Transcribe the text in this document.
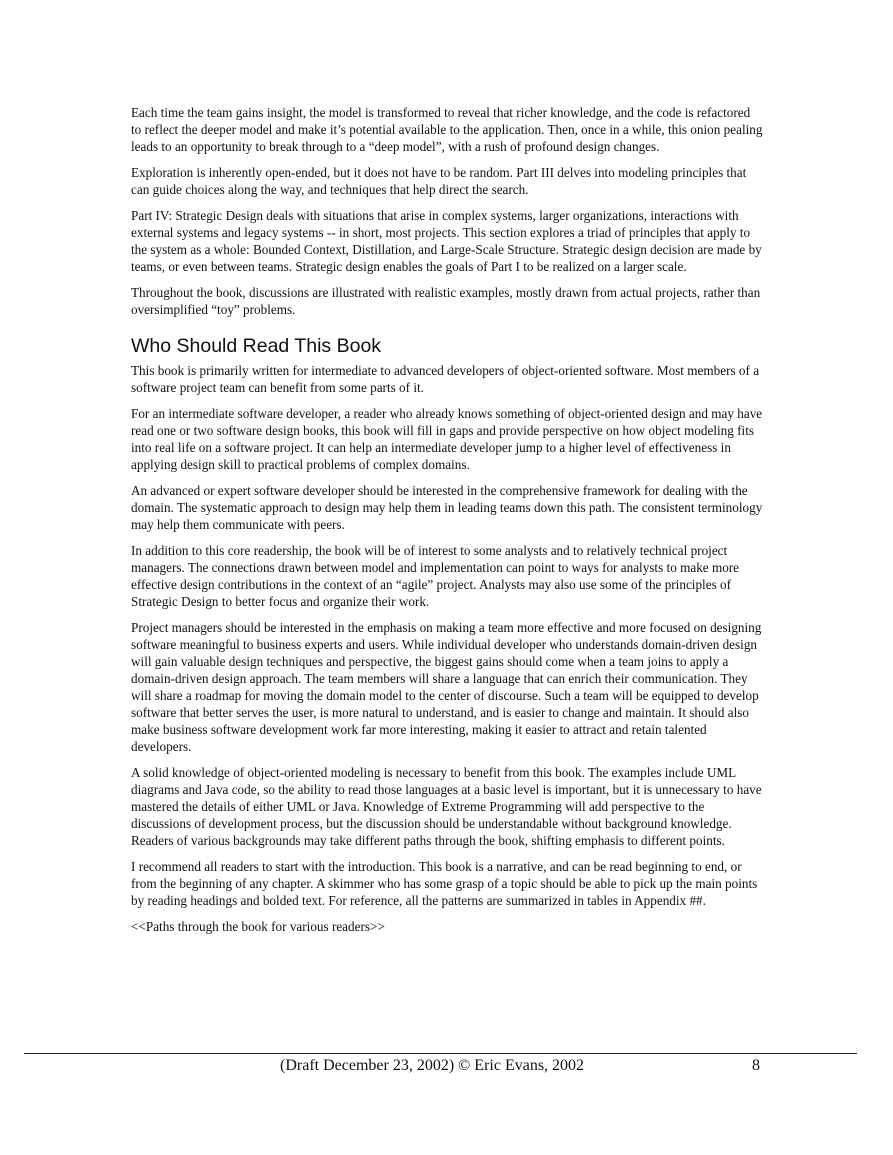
Each time the team gains insight, the model is transformed to reveal that richer knowledge, and the code is refactored to reflect the deeper model and make it’s potential available to the application. Then, once in a while, this onion pealing leads to an opportunity to break through to a “deep model”, with a rush of profound design changes.

Exploration is inherently open-ended, but it does not have to be random. Part III delves into modeling principles that can guide choices along the way, and techniques that help direct the search.

Part IV: Strategic Design deals with situations that arise in complex systems, larger organizations, interactions with external systems and legacy systems -- in short, most projects. This section explores a triad of principles that apply to the system as a whole: Bounded Context, Distillation, and Large-Scale Structure. Strategic design decision are made by teams, or even between teams. Strategic design enables the goals of Part I to be realized on a larger scale.

Throughout the book, discussions are illustrated with realistic examples, mostly drawn from actual projects, rather than oversimplified “toy” problems.

Who Should Read This Book

This book is primarily written for intermediate to advanced developers of object-oriented software. Most members of a software project team can benefit from some parts of it.

For an intermediate software developer, a reader who already knows something of object-oriented design and may have read one or two software design books, this book will fill in gaps and provide perspective on how object modeling fits into real life on a software project. It can help an intermediate developer jump to a higher level of effectiveness in applying design skill to practical problems of complex domains.

An advanced or expert software developer should be interested in the comprehensive framework for dealing with the domain. The systematic approach to design may help them in leading teams down this path. The consistent terminology may help them communicate with peers.

In addition to this core readership, the book will be of interest to some analysts and to relatively technical project managers. The connections drawn between model and implementation can point to ways for analysts to make more effective design contributions in the context of an “agile” project. Analysts may also use some of the principles of Strategic Design to better focus and organize their work.

Project managers should be interested in the emphasis on making a team more effective and more focused on designing software meaningful to business experts and users. While individual developer who understands domain-driven design will gain valuable design techniques and perspective, the biggest gains should come when a team joins to apply a domain-driven design approach. The team members will share a language that can enrich their communication. They will share a roadmap for moving the domain model to the center of discourse. Such a team will be equipped to develop software that better serves the user, is more natural to understand, and is easier to change and maintain. It should also make business software development work far more interesting, making it easier to attract and retain talented developers.

A solid knowledge of object-oriented modeling is necessary to benefit from this book. The examples include UML diagrams and Java code, so the ability to read those languages at a basic level is important, but it is unnecessary to have mastered the details of either UML or Java. Knowledge of Extreme Programming will add perspective to the discussions of development process, but the discussion should be understandable without background knowledge. Readers of various backgrounds may take different paths through the book, shifting emphasis to different points.

I recommend all readers to start with the introduction. This book is a narrative, and can be read beginning to end, or from the beginning of any chapter. A skimmer who has some grasp of a topic should be able to pick up the main points by reading headings and bolded text. For reference, all the patterns are summarized in tables in Appendix ##.

<<Paths through the book for various readers>>

(Draft December 23, 2002) © Eric Evans, 2002	8
